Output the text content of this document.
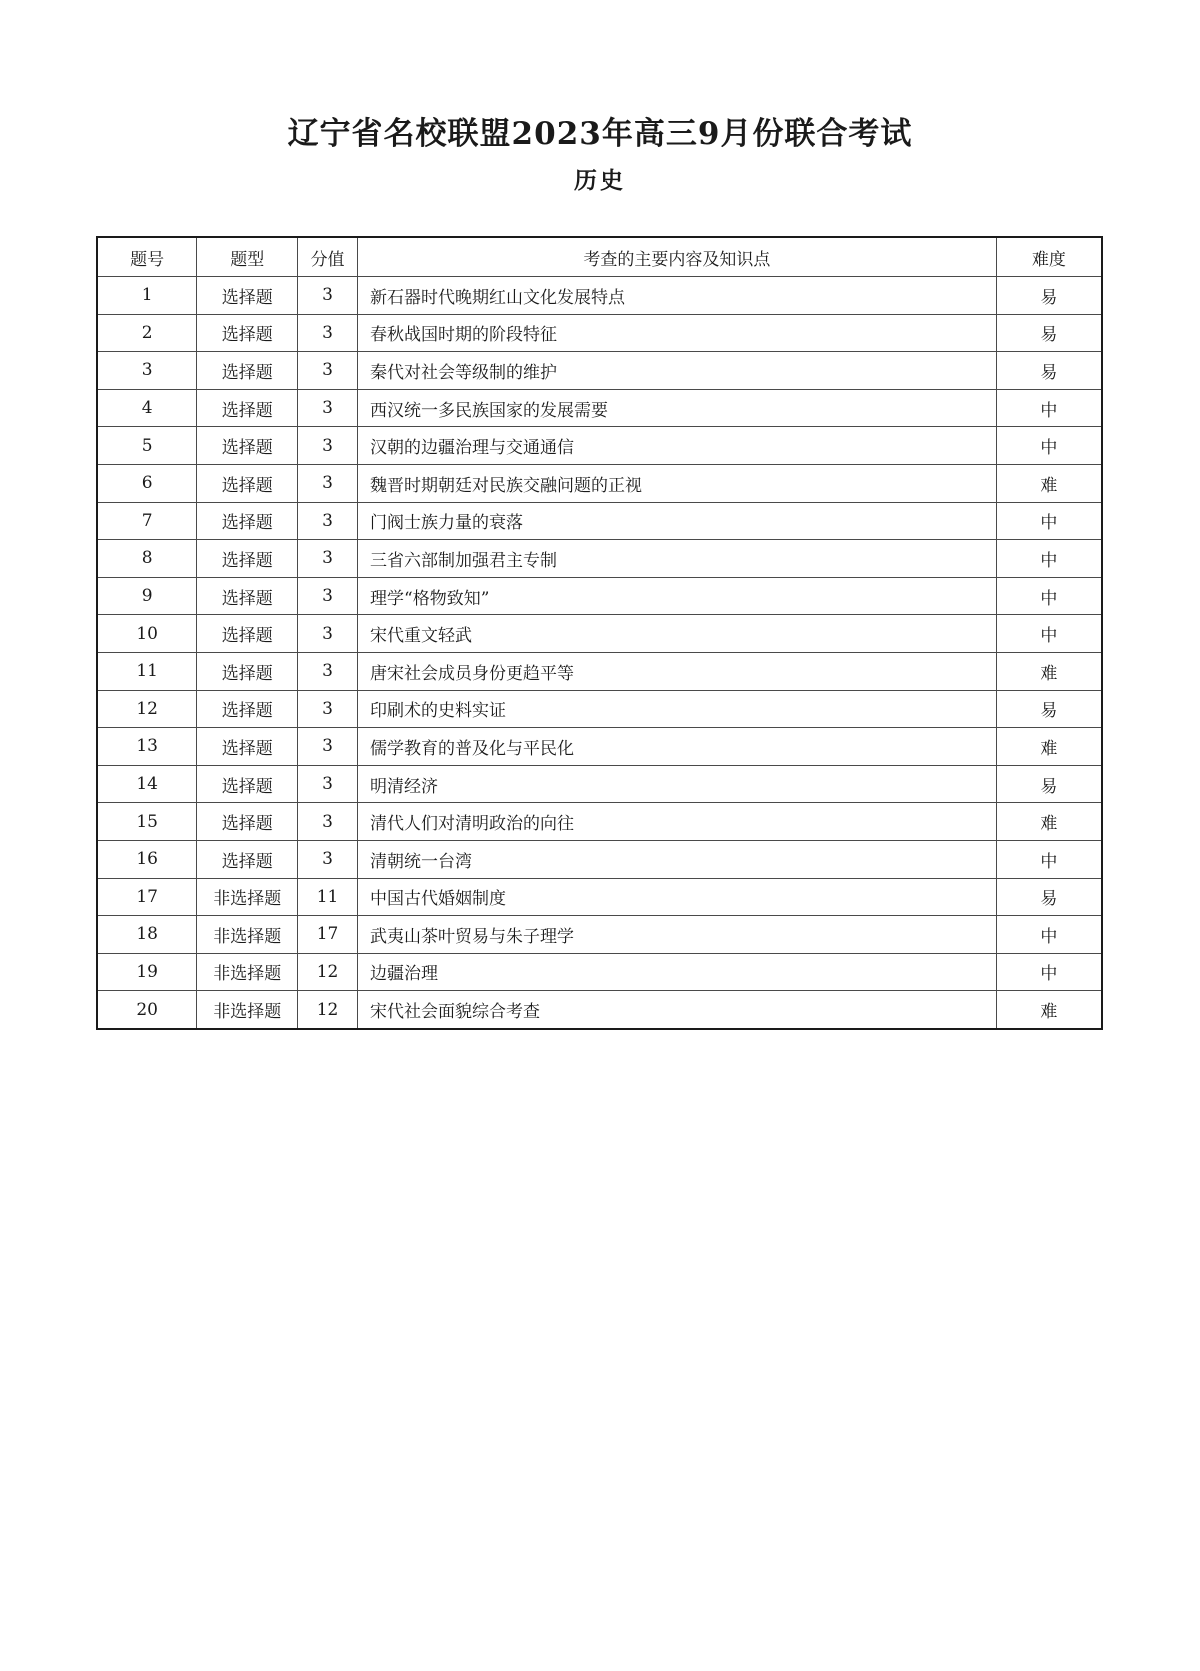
辽宁省名校联盟2023年高三9月份联合考试
历史
题号	题型	分值	考查的主要内容及知识点	难度
1	选择题	3	新石器时代晚期红山文化发展特点	易
2	选择题	3	春秋战国时期的阶段特征	易
3	选择题	3	秦代对社会等级制的维护	易
4	选择题	3	西汉统一多民族国家的发展需要	中
5	选择题	3	汉朝的边疆治理与交通通信	中
6	选择题	3	魏晋时期朝廷对民族交融问题的正视	难
7	选择题	3	门阀士族力量的衰落	中
8	选择题	3	三省六部制加强君主专制	中
9	选择题	3	理学“格物致知”	中
10	选择题	3	宋代重文轻武	中
11	选择题	3	唐宋社会成员身份更趋平等	难
12	选择题	3	印刷术的史料实证	易
13	选择题	3	儒学教育的普及化与平民化	难
14	选择题	3	明清经济	易
15	选择题	3	清代人们对清明政治的向往	难
16	选择题	3	清朝统一台湾	中
17	非选择题	11	中国古代婚姻制度	易
18	非选择题	17	武夷山茶叶贸易与朱子理学	中
19	非选择题	12	边疆治理	中
20	非选择题	12	宋代社会面貌综合考查	难
